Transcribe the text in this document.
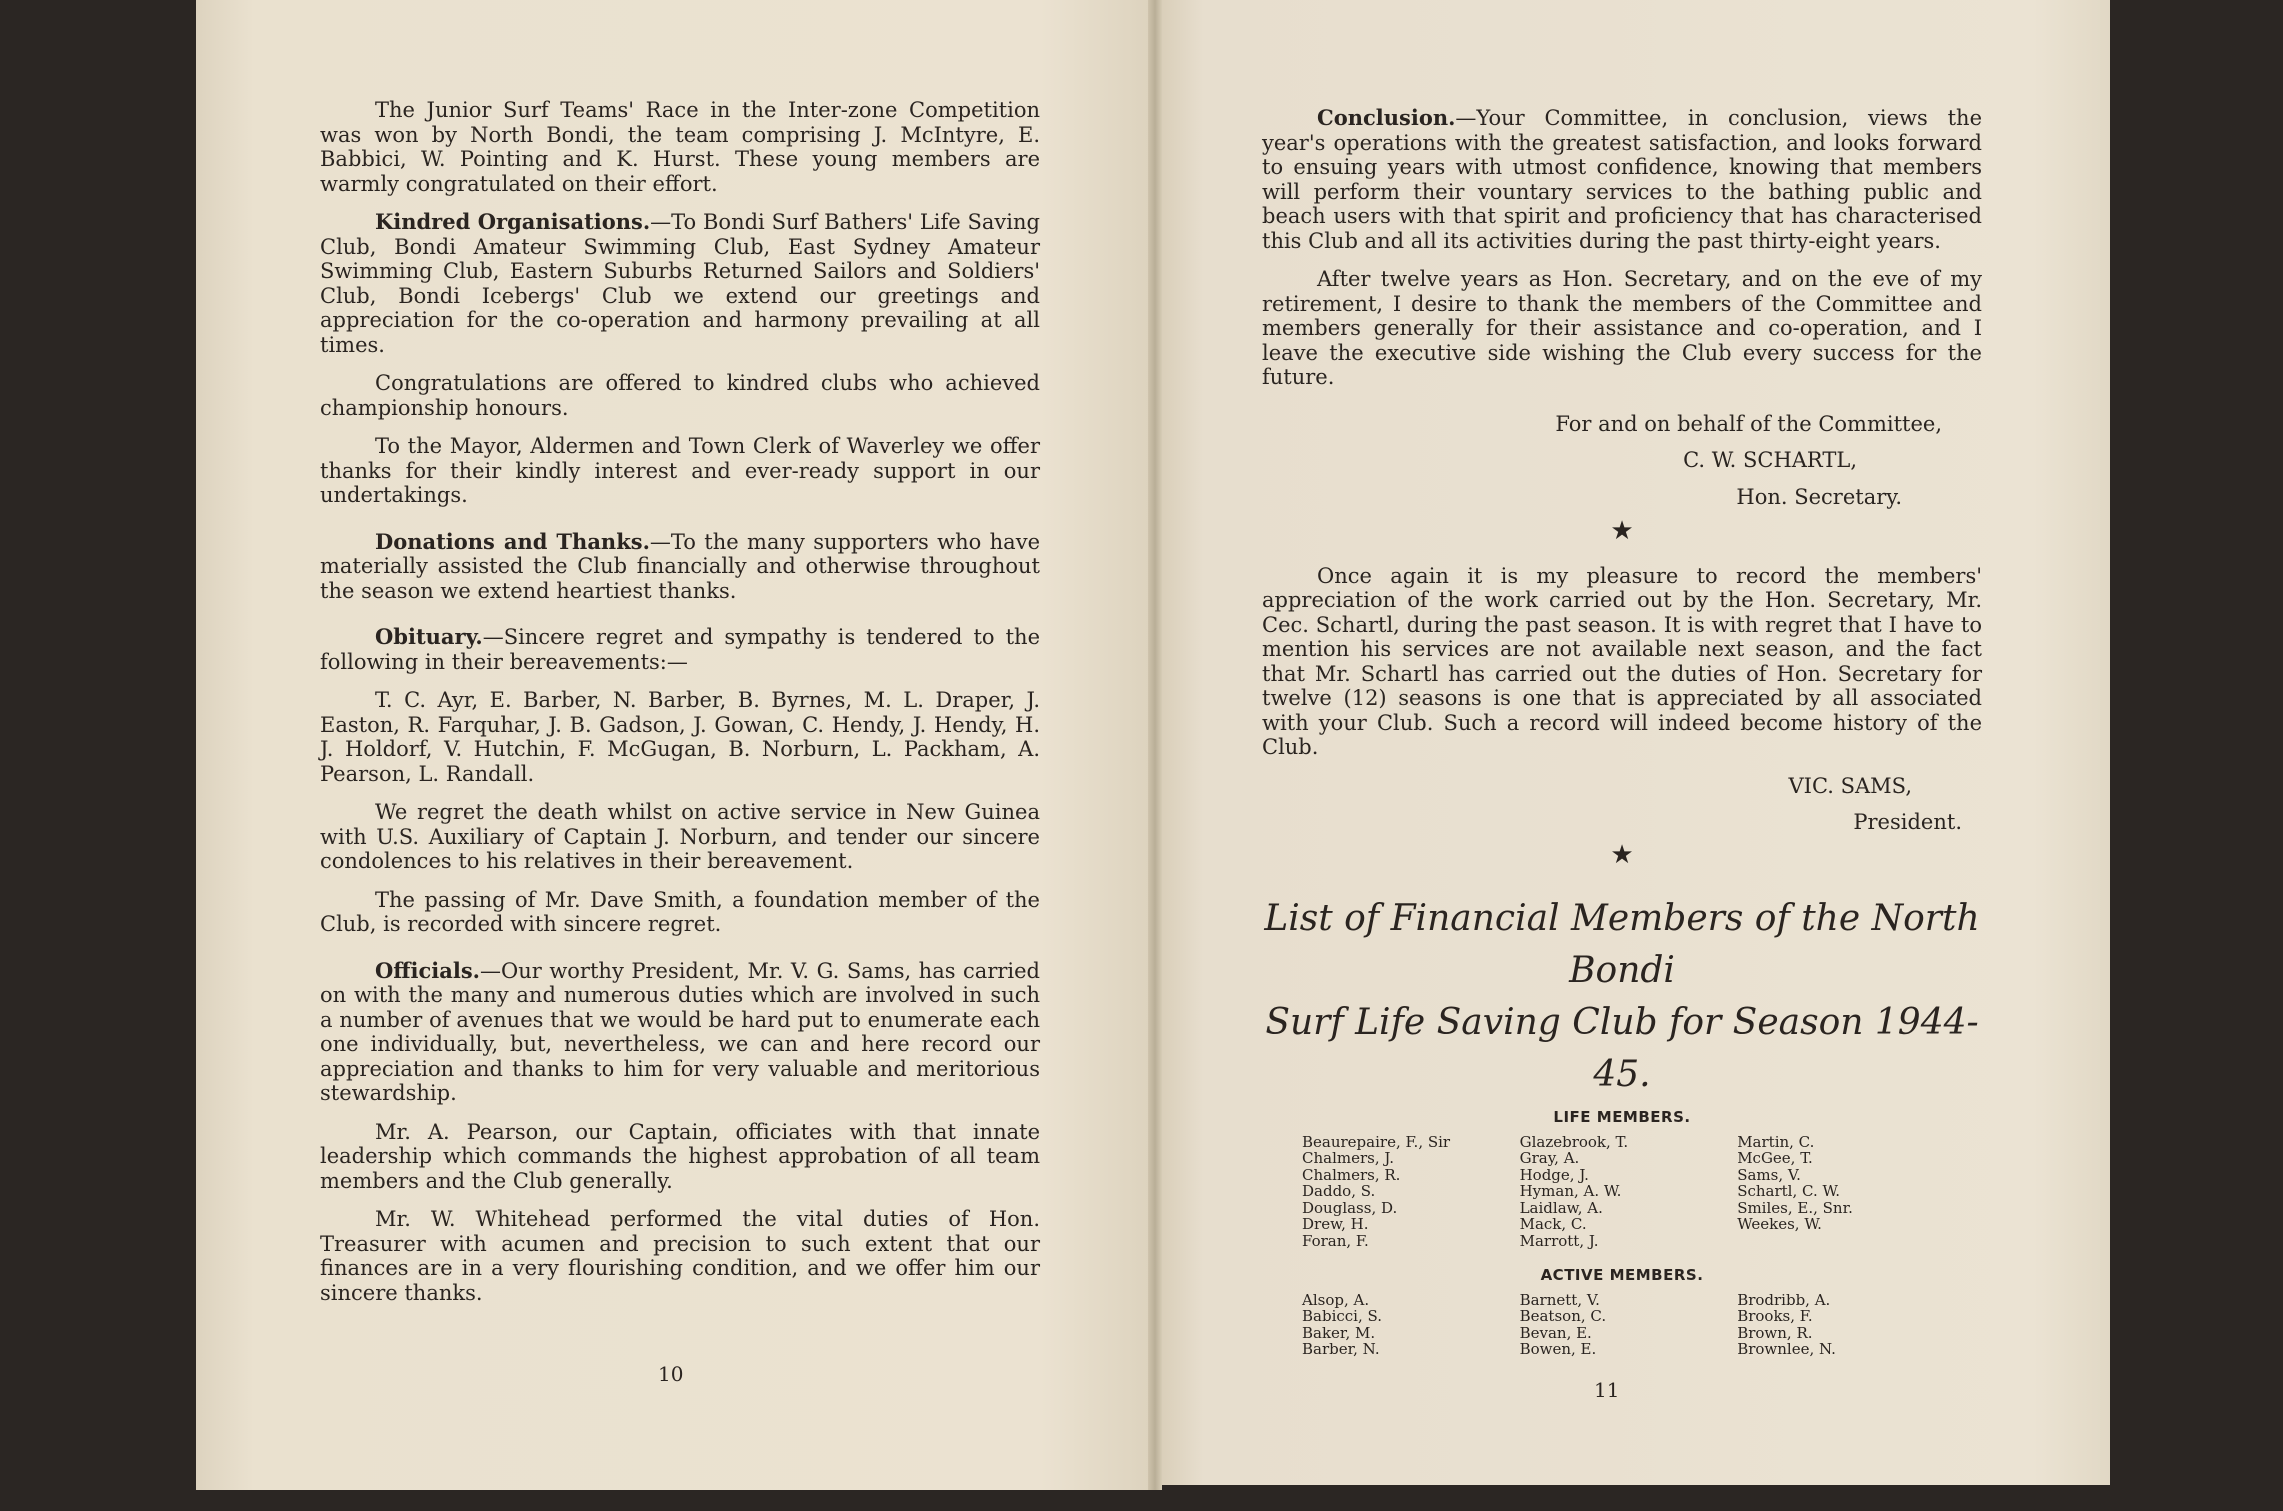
The Junior Surf Teams' Race in the Inter-zone Competition was won by North Bondi, the team comprising J. McIntyre, E. Babbici, W. Pointing and K. Hurst. These young members are warmly congratulated on their effort.

Kindred Organisations.—To Bondi Surf Bathers' Life Saving Club, Bondi Amateur Swimming Club, East Sydney Amateur Swimming Club, Eastern Suburbs Returned Sailors and Soldiers' Club, Bondi Icebergs' Club we extend our greetings and appreciation for the co-operation and harmony prevailing at all times.

Congratulations are offered to kindred clubs who achieved championship honours.

To the Mayor, Aldermen and Town Clerk of Waverley we offer thanks for their kindly interest and ever-ready support in our undertakings.

Donations and Thanks.—To the many supporters who have materially assisted the Club financially and otherwise throughout the season we extend heartiest thanks.

Obituary.—Sincere regret and sympathy is tendered to the following in their bereavements:—

T. C. Ayr, E. Barber, N. Barber, B. Byrnes, M. L. Draper, J. Easton, R. Farquhar, J. B. Gadson, J. Gowan, C. Hendy, J. Hendy, H. J. Holdorf, V. Hutchin, F. McGugan, B. Norburn, L. Packham, A. Pearson, L. Randall.

We regret the death whilst on active service in New Guinea with U.S. Auxiliary of Captain J. Norburn, and tender our sincere condolences to his relatives in their bereavement.

The passing of Mr. Dave Smith, a foundation member of the Club, is recorded with sincere regret.

Officials.—Our worthy President, Mr. V. G. Sams, has carried on with the many and numerous duties which are involved in such a number of avenues that we would be hard put to enumerate each one individually, but, nevertheless, we can and here record our appreciation and thanks to him for very valuable and meritorious stewardship.

Mr. A. Pearson, our Captain, officiates with that innate leadership which commands the highest approbation of all team members and the Club generally.

Mr. W. Whitehead performed the vital duties of Hon. Treasurer with acumen and precision to such extent that our finances are in a very flourishing condition, and we offer him our sincere thanks.

10

Conclusion.—Your Committee, in conclusion, views the year's operations with the greatest satisfaction, and looks forward to ensuing years with utmost confidence, knowing that members will perform their vountary services to the bathing public and beach users with that spirit and proficiency that has characterised this Club and all its activities during the past thirty-eight years.

After twelve years as Hon. Secretary, and on the eve of my retirement, I desire to thank the members of the Committee and members generally for their assistance and co-operation, and I leave the executive side wishing the Club every success for the future.

For and on behalf of the Committee,

C. W. SCHARTL,

Hon. Secretary.

★

Once again it is my pleasure to record the members' appreciation of the work carried out by the Hon. Secretary, Mr. Cec. Schartl, during the past season. It is with regret that I have to mention his services are not available next season, and the fact that Mr. Schartl has carried out the duties of Hon. Secretary for twelve (12) seasons is one that is appreciated by all associated with your Club. Such a record will indeed become history of the Club.

VIC. SAMS,

President.

★

List of Financial Members of the North Bondi
Surf Life Saving Club for Season 1944-45.

LIFE MEMBERS.

Beaurepaire, F., Sir
Chalmers, J.
Chalmers, R.
Daddo, S.
Douglass, D.
Drew, H.
Foran, F.
Glazebrook, T.
Gray, A.
Hodge, J.
Hyman, A. W.
Laidlaw, A.
Mack, C.
Marrott, J.
Martin, C.
McGee, T.
Sams, V.
Schartl, C. W.
Smiles, E., Snr.
Weekes, W.

ACTIVE MEMBERS.

Alsop, A.
Babicci, S.
Baker, M.
Barber, N.
Barnett, V.
Beatson, C.
Bevan, E.
Bowen, E.
Brodribb, A.
Brooks, F.
Brown, R.
Brownlee, N.
11
